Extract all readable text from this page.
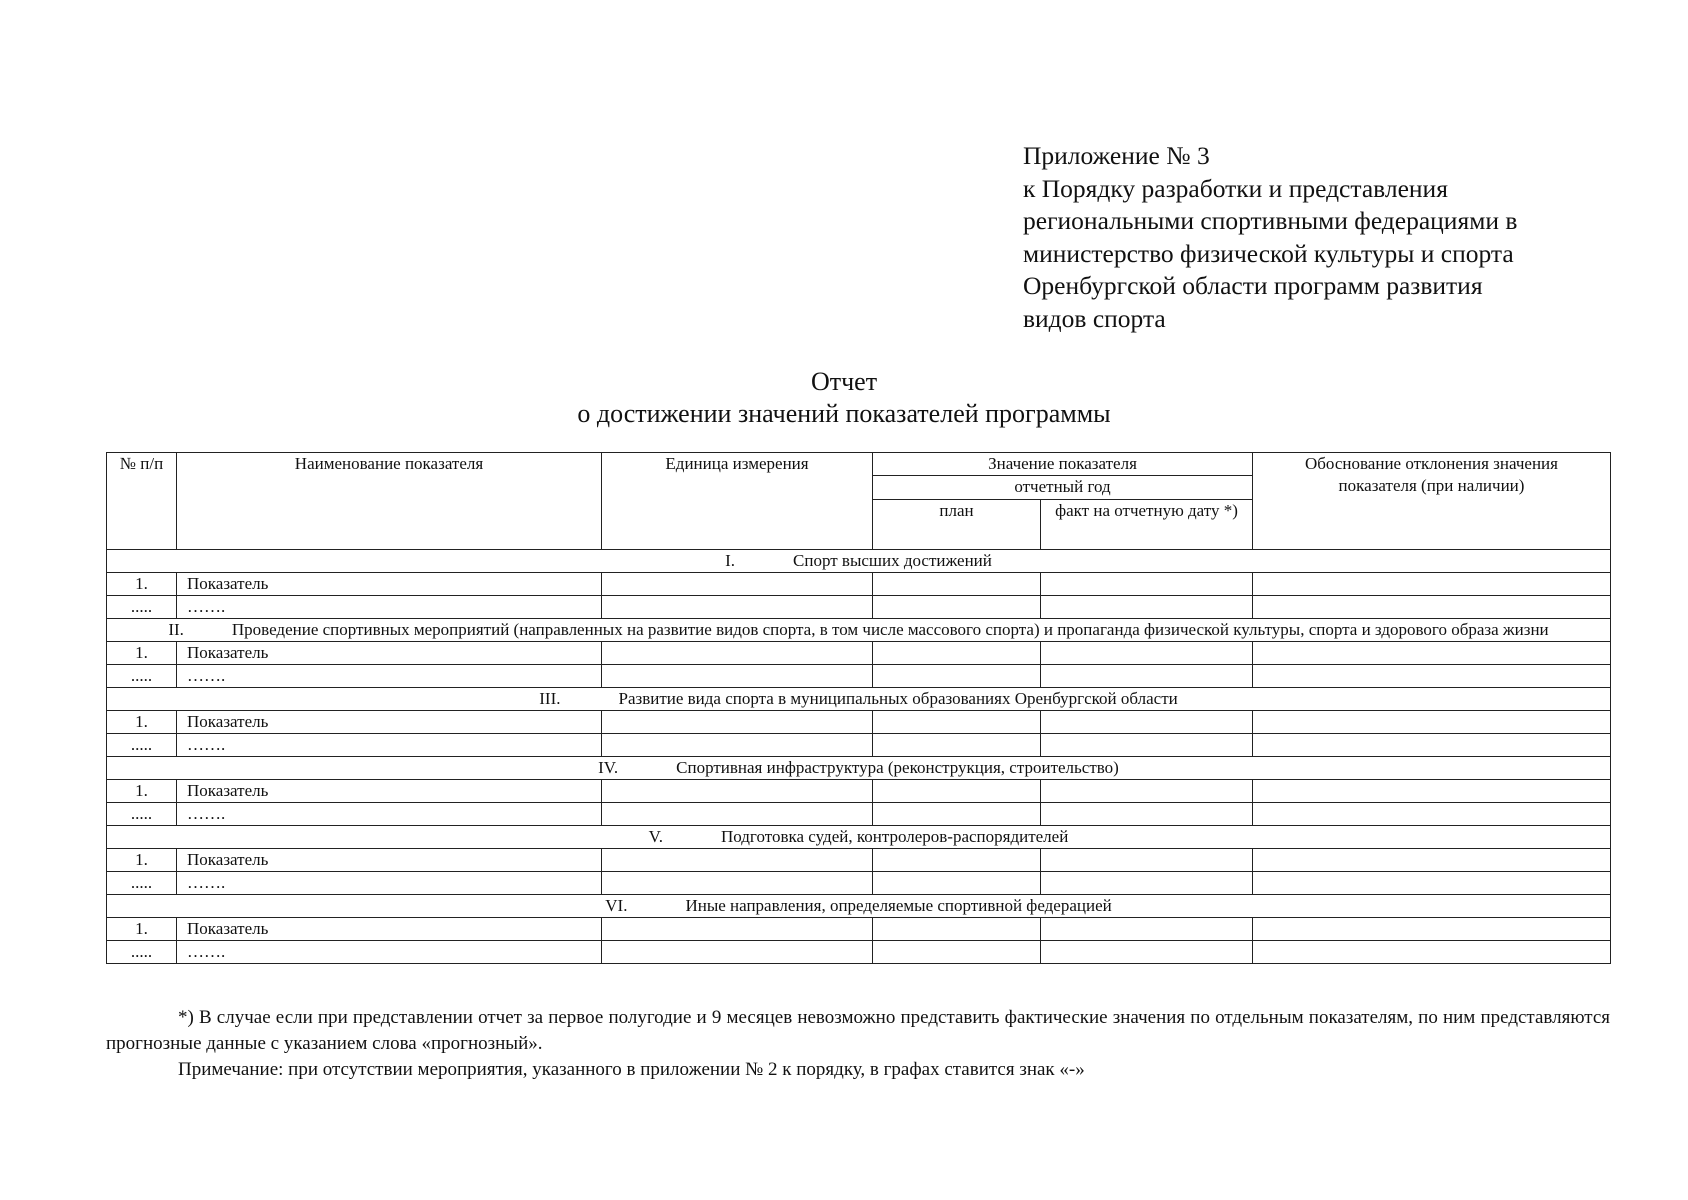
Приложение № 3
к Порядку разработки и представления
региональными спортивными федерациями в
министерство физической культуры и спорта
Оренбургской области программ развития
видов спорта
Отчет
о достижении значений показателей программы
№ п/п	Наименование показателя	Единица измерения	Значение показателя		Обоснование отклонения значения показателя (при наличии)
			отчетный год		
			план	факт на отчетную дату *)	
I. Спорт высших достижений					
1.	Показатель				
.....	…….				
II. Проведение спортивных мероприятий (направленных на развитие видов спорта, в том числе массового спорта) и пропаганда физической культуры, спорта и здорового образа жизни					
1.	Показатель				
.....	…….				
III. Развитие вида спорта в муниципальных образованиях Оренбургской области					
1.	Показатель				
.....	…….				
IV. Спортивная инфраструктура (реконструкция, строительство)					
1.	Показатель				
.....	…….				
V. Подготовка судей, контролеров-распорядителей					
1.	Показатель				
.....	…….				
VI. Иные направления, определяемые спортивной федерацией					
1.	Показатель				
.....	…….				

*) В случае если при представлении отчет за первое полугодие и 9 месяцев невозможно представить фактические значения по отдельным показателям, по ним представляются прогнозные данные с указанием слова «прогнозный».

Примечание: при отсутствии мероприятия, указанного в приложении № 2 к порядку, в графах ставится знак «-»
